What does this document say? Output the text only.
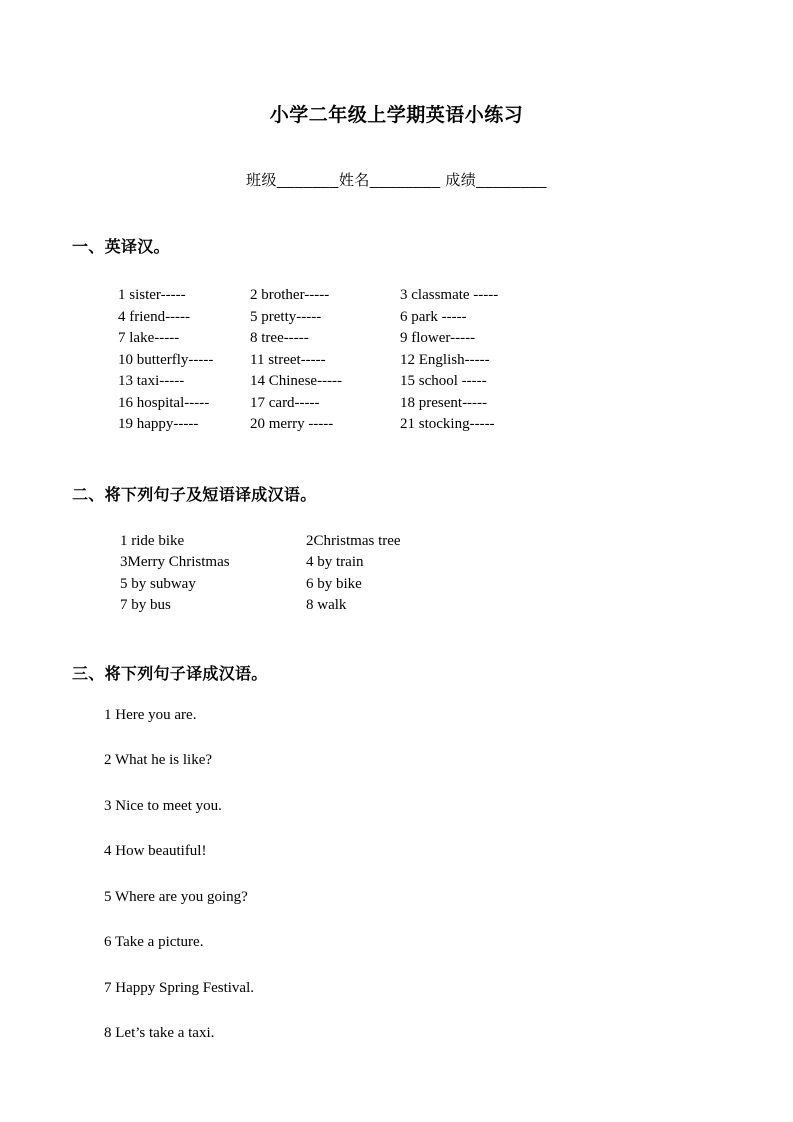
小学二年级上学期英语小练习
班级_______姓名________ 成绩________
一、英译汉。
1 sister-----	2 brother-----	3 classmate -----
4 friend-----	5 pretty-----	6 park -----
7 lake-----	8 tree-----	9 flower-----
10 butterfly----- 11 street-----	12 English-----
13 taxi-----	14 Chinese-----	15 school -----
16 hospital-----	17 card-----	18 present-----
19 happy-----	20 merry -----	21 stocking-----
二、将下列句子及短语译成汉语。
1 ride bike	2Christmas tree
3Merry Christmas	4 by train
5 by subway	6 by bike
7 by bus	8 walk
三、将下列句子译成汉语。

1 Here you are.

2 What he is like?

3 Nice to meet you.

4 How beautiful!

5 Where are you going?

6 Take a picture.

7 Happy Spring Festival.

8 Let’s take a taxi.
